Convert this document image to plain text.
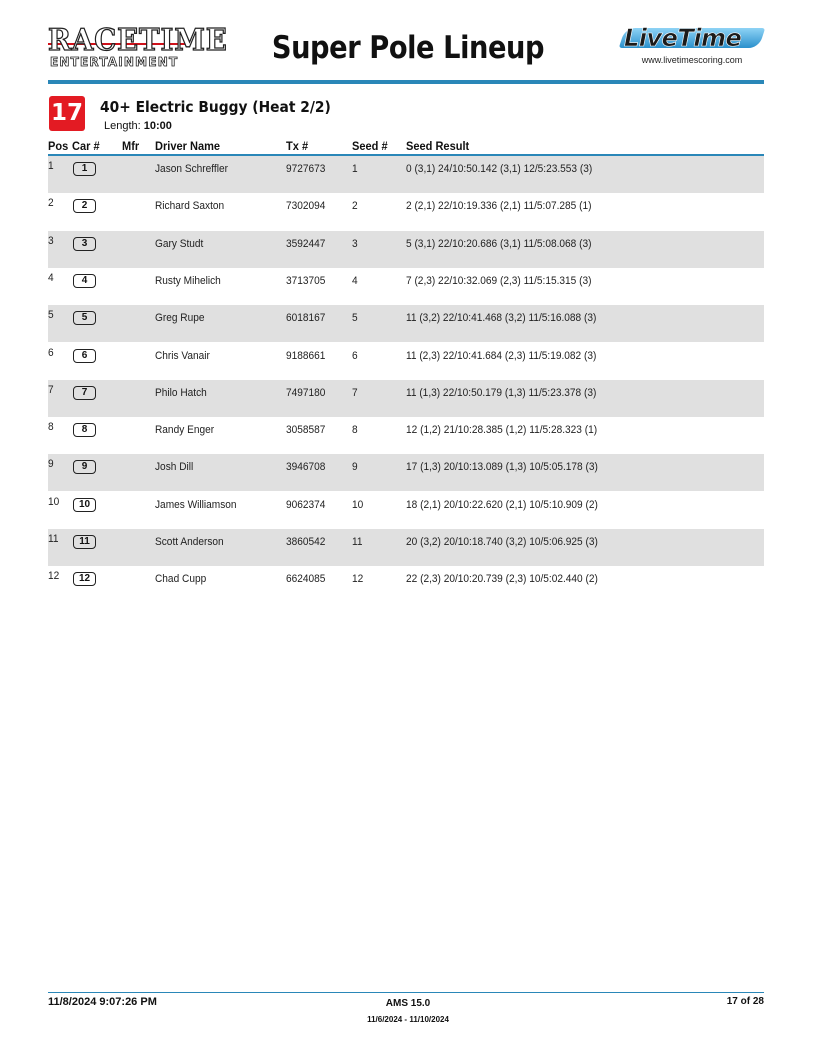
RACETIME
ENTERTAINMENT	Super Pole Lineup	LiveTime
www.livetimescoring.com
17 40+ Electric Buggy (Heat 2/2)
Length: 10:00
Pos Car # Mfr Driver Name	Tx #	Seed # Seed Result
1	1	Jason Schreffler	9727673 1	0 (3,1) 24/10:50.142 (3,1) 12/5:23.553 (3)
2	2	Richard Saxton	7302094 2	2 (2,1) 22/10:19.336 (2,1) 11/5:07.285 (1)
3	3	Gary Studt	3592447 3	5 (3,1) 22/10:20.686 (3,1) 11/5:08.068 (3)
4	4	Rusty Mihelich	3713705 4	7 (2,3) 22/10:32.069 (2,3) 11/5:15.315 (3)
5	5	Greg Rupe	6018167 5	11 (3,2) 22/10:41.468 (3,2) 11/5:16.088 (3)
6	6	Chris Vanair	9188661 6	11 (2,3) 22/10:41.684 (2,3) 11/5:19.082 (3)
7	7	Philo Hatch	7497180 7	11 (1,3) 22/10:50.179 (1,3) 11/5:23.378 (3)
8	8	Randy Enger	3058587 8	12 (1,2) 21/10:28.385 (1,2) 11/5:28.323 (1)
9	9	Josh Dill	3946708 9	17 (1,3) 20/10:13.089 (1,3) 10/5:05.178 (3)
10	10	James Williamson	9062374 10	18 (2,1) 20/10:22.620 (2,1) 10/5:10.909 (2)
11	11	Scott Anderson	3860542 11	20 (3,2) 20/10:18.740 (3,2) 10/5:06.925 (3)
12	12	Chad Cupp	6624085 12	22 (2,3) 20/10:20.739 (2,3) 10/5:02.440 (2)
11/8/2024 9:07:26 PM	AMS 15.0
11/6/2024 - 11/10/2024
17 of 28
